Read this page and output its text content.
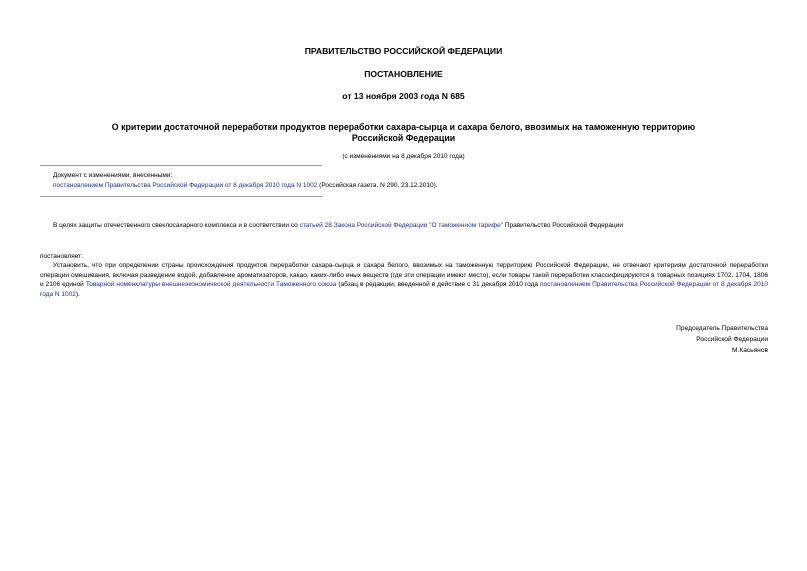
ПРАВИТЕЛЬСТВО РОССИЙСКОЙ ФЕДЕРАЦИИ
ПОСТАНОВЛЕНИЕ
от 13 ноября 2003 года N 685
О критерии достаточной переработки продуктов переработки сахара-сырца и сахара белого, ввозимых на таможенную территорию Российской Федерации
(с изменениями на 8 декабря 2010 года)
Документ с изменениями, внесенными:
постановлением Правительства Российской Федерации от 8 декабря 2010 года N 1002 (Российская газета, N 290, 23.12.2010).
В целях защиты отечественного свеклосахарного комплекса и в соответствии со статьей 28 Закона Российской Федерации "О таможенном тарифе" Правительство Российской Федерации
постановляет:
Установить, что при определении страны происхождения продуктов переработки сахара-сырца и сахара белого, ввозимых на таможенную территорию Российской Федерации, не отвечают критериям достаточной переработки операции смешивания, включая разведение водой, добавление ароматизаторов, какао, каких-либо иных веществ (где эти операции имеют место), если товары такой переработки классифицируются в товарных позициях 1702, 1704, 1806 и 2106 единой Товарной номенклатуры внешнеэкономической деятельности Таможенного союза (абзац в редакции, введенной в действие с 31 декабря 2010 года постановлением Правительства Российской Федерации от 8 декабря 2010 года N 1002).
Председатель Правительства
Российской Федерации
М.Касьянов
